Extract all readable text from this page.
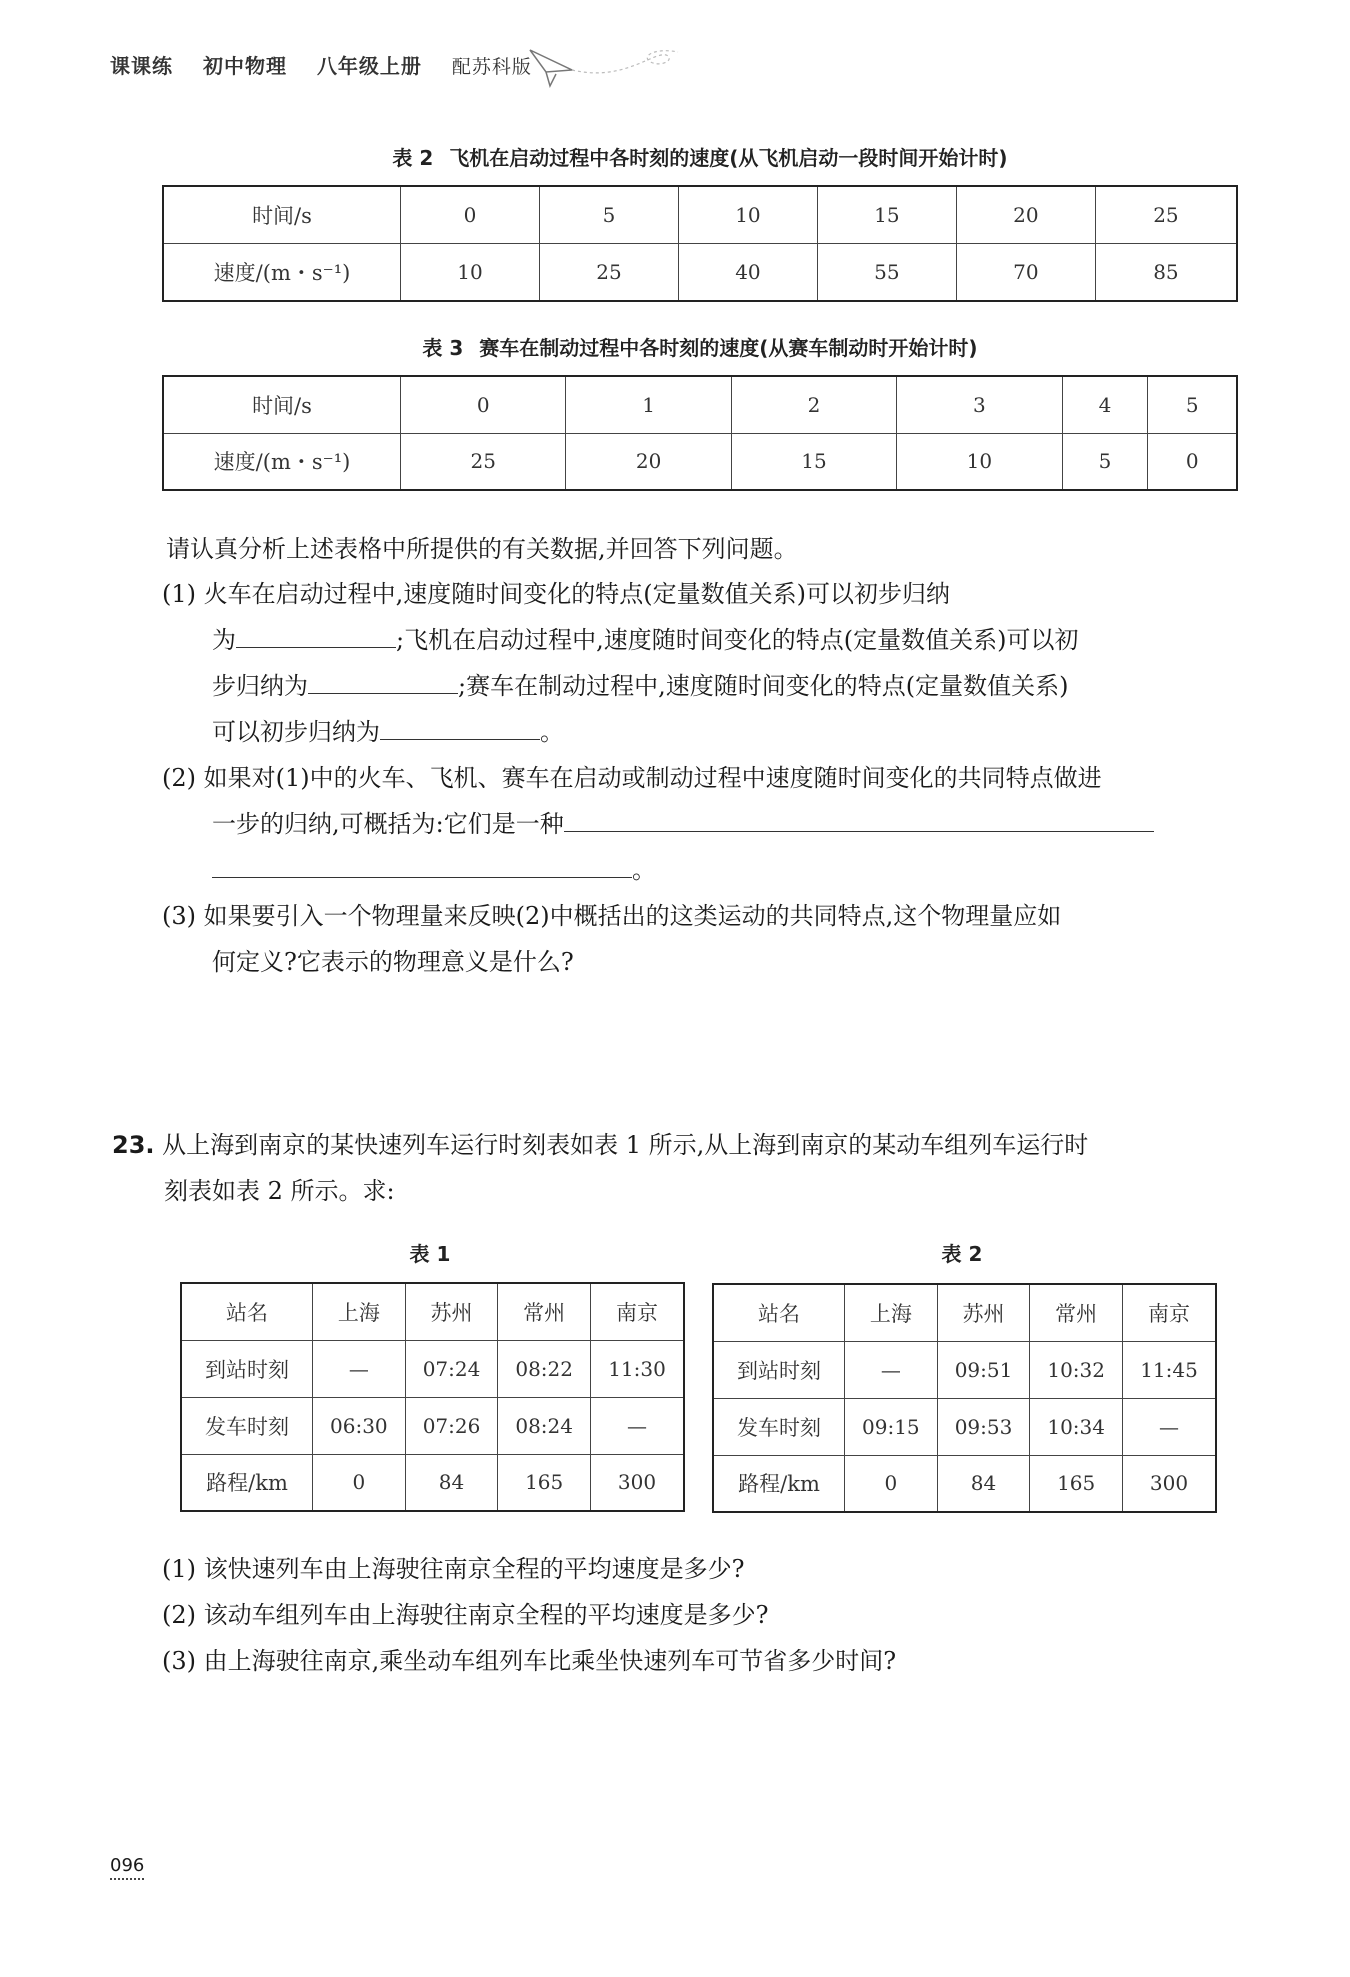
课课练 初中物理 八年级上册 配苏科版
表 2 飞机在启动过程中各时刻的速度(从飞机启动一段时间开始计时)
时间/s	0	5	10	15	20	25
速度/(m・s⁻¹)	10	25	40	55	70	85
表 3 赛车在制动过程中各时刻的速度(从赛车制动时开始计时)
时间/s	0	1	2	3	4	5
速度/(m・s⁻¹)	25	20	15	10	5	0
请认真分析上述表格中所提供的有关数据,并回答下列问题。
(1) 火车在启动过程中,速度随时间变化的特点(定量数值关系)可以初步归纳
为	;飞机在启动过程中,速度随时间变化的特点(定量数值关系)可以初
步归纳为	;赛车在制动过程中,速度随时间变化的特点(定量数值关系)
可以初步归纳为	。
(2) 如果对(1)中的火车、飞机、赛车在启动或制动过程中速度随时间变化的共同特点做进
一步的归纳,可概括为:它们是一种
。
(3) 如果要引入一个物理量来反映(2)中概括出的这类运动的共同特点,这个物理量应如
何定义?它表示的物理意义是什么?
23. 从上海到南京的某快速列车运行时刻表如表 1 所示,从上海到南京的某动车组列车运行时
刻表如表 2 所示。求:
表 1	表 2
站名	上海	苏州	常州	南京
到站时刻	—	07:24	08:22	11:30
发车时刻	06:30	07:26	08:24	—
路程/km	0	84	165	300
站名	上海	苏州	常州	南京
到站时刻	—	09:51	10:32	11:45
发车时刻	09:15	09:53	10:34	—
路程/km	0	84	165	300
(1) 该快速列车由上海驶往南京全程的平均速度是多少?
(2) 该动车组列车由上海驶往南京全程的平均速度是多少?
(3) 由上海驶往南京,乘坐动车组列车比乘坐快速列车可节省多少时间?
096
